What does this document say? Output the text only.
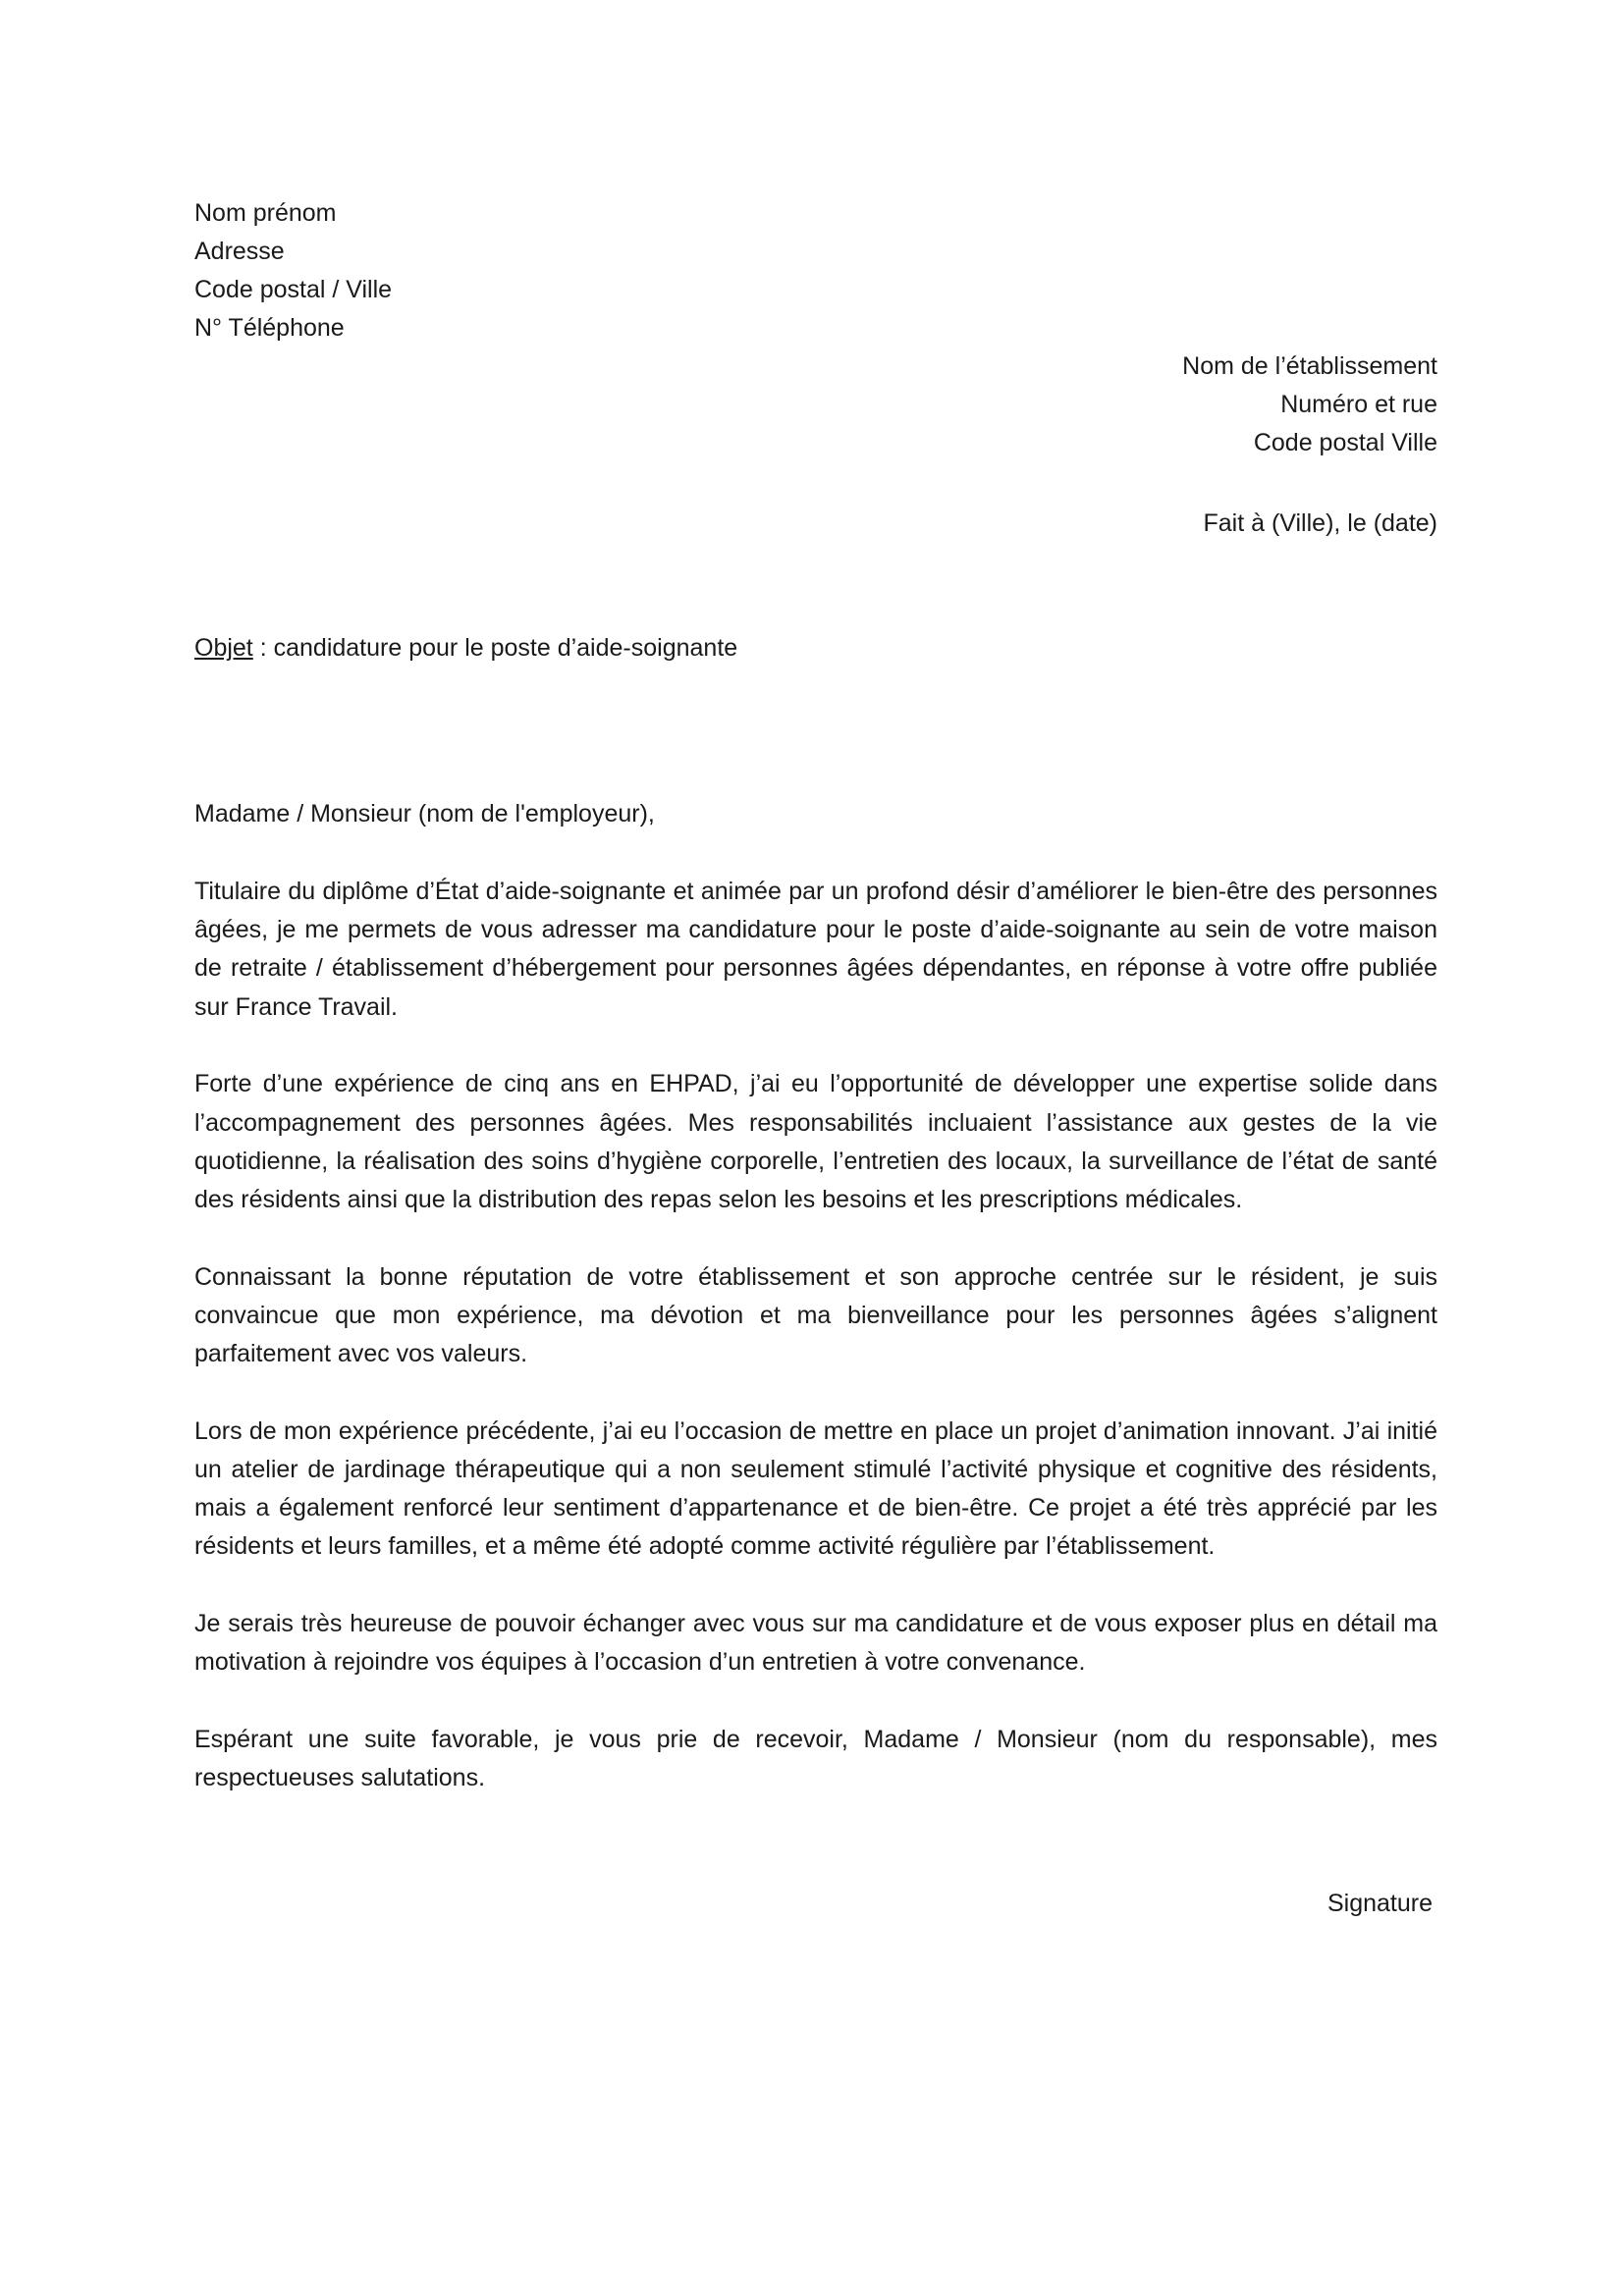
Nom prénom
Adresse
Code postal / Ville
N° Téléphone
Nom de l’établissement
Numéro et rue
Code postal Ville
Fait à (Ville), le (date)
Objet : candidature pour le poste d’aide-soignante
Madame / Monsieur (nom de l'employeur),

Titulaire du diplôme d’État d’aide-soignante et animée par un profond désir d’améliorer le bien-être des personnes âgées, je me permets de vous adresser ma candidature pour le poste d’aide-soignante au sein de votre maison de retraite / établissement d’hébergement pour personnes âgées dépendantes, en réponse à votre offre publiée sur France Travail.

Forte d’une expérience de cinq ans en EHPAD, j’ai eu l’opportunité de développer une expertise solide dans l’accompagnement des personnes âgées. Mes responsabilités incluaient l’assistance aux gestes de la vie quotidienne, la réalisation des soins d’hygiène corporelle, l’entretien des locaux, la surveillance de l’état de santé des résidents ainsi que la distribution des repas selon les besoins et les prescriptions médicales.

Connaissant la bonne réputation de votre établissement et son approche centrée sur le résident, je suis convaincue que mon expérience, ma dévotion et ma bienveillance pour les personnes âgées s’alignent parfaitement avec vos valeurs.

Lors de mon expérience précédente, j’ai eu l’occasion de mettre en place un projet d’animation innovant. J’ai initié un atelier de jardinage thérapeutique qui a non seulement stimulé l’activité physique et cognitive des résidents, mais a également renforcé leur sentiment d’appartenance et de bien-être. Ce projet a été très apprécié par les résidents et leurs familles, et a même été adopté comme activité régulière par l’établissement.

Je serais très heureuse de pouvoir échanger avec vous sur ma candidature et de vous exposer plus en détail ma motivation à rejoindre vos équipes à l’occasion d’un entretien à votre convenance.

Espérant une suite favorable, je vous prie de recevoir, Madame / Monsieur (nom du responsable), mes respectueuses salutations.

Signature
